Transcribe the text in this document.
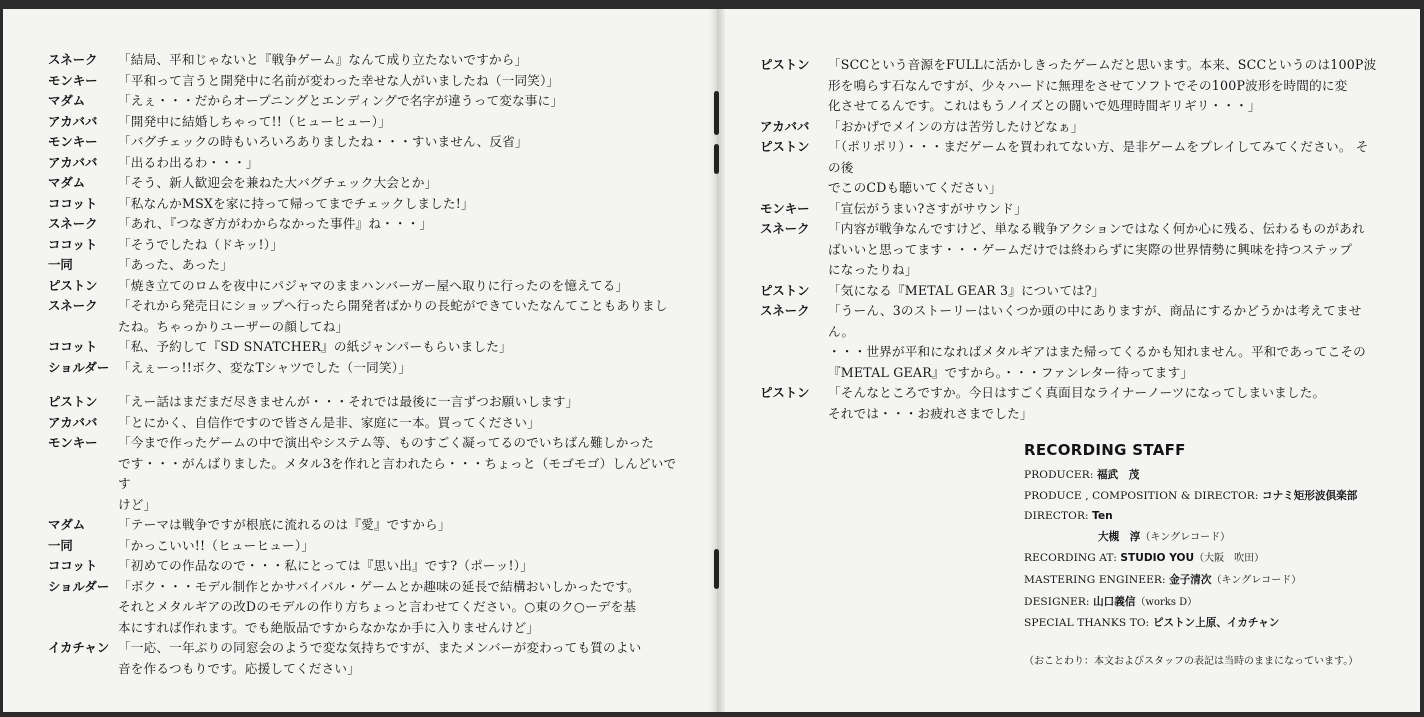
スネーク	「結局、平和じゃないと『戦争ゲーム』なんて成り立たないですから」
モンキー	「平和って言うと開発中に名前が変わった幸せな人がいましたね（一同笑）」
マダム	「えぇ・・・だからオープニングとエンディングで名字が違うって変な事に」
アカババ	「開発中に結婚しちゃって!!（ヒューヒュー）」
モンキー	「バグチェックの時もいろいろありましたね・・・すいません、反省」
アカババ	「出るわ出るわ・・・」
マダム	「そう、新人歓迎会を兼ねた大バグチェック大会とか」
ココット	「私なんかMSXを家に持って帰ってまでチェックしました!」
スネーク	「あれ、『つなぎ方がわからなかった事件』ね・・・」
ココット	「そうでしたね（ドキッ!）」
一同	「あった、あった」
ピストン	「焼き立てのロムを夜中にパジャマのままハンバーガー屋へ取りに行ったのを憶えてる」
スネーク	「それから発売日にショップへ行ったら開発者ばかりの長蛇ができていたなんてこともありまし
たね。ちゃっかりユーザーの顔してね」
ココット	「私、予約して『SD SNATCHER』の紙ジャンパーもらいました」
ショルダー 「えぇーっ!!ボク、変なTシャツでした（一同笑）」
ピストン	「えー話はまだまだ尽きませんが・・・それでは最後に一言ずつお願いします」
アカババ	「とにかく、自信作ですので皆さん是非、家庭に一本。買ってください」
モンキー	「今まで作ったゲームの中で演出やシステム等、ものすごく凝ってるのでいちばん難しかった
です・・・がんばりました。メタル3を作れと言われたら・・・ちょっと（モゴモゴ）しんどいです
けど」
マダム	「テーマは戦争ですが根底に流れるのは『愛』ですから」
一同	「かっこいい!!（ヒューヒュー）」
ココット	「初めての作品なので・・・私にとっては『思い出』です?（ポーッ!）」
ショルダー 「ボク・・・モデル制作とかサバイバル・ゲームとか趣味の延長で結構おいしかったです。
それとメタルギアの改Dのモデルの作り方ちょっと言わせてください。○東のク○ーデを基
本にすれば作れます。でも絶版品ですからなかなか手に入りませんけど」
イカチャン 「一応、一年ぶりの同窓会のようで変な気持ちですが、またメンバーが変わっても質のよい
音を作るつもりです。応援してください」
ピストン	「SCCという音源をFULLに活かしきったゲームだと思います。本来、SCCというのは100P波
形を鳴らす石なんですが、少々ハードに無理をさせてソフトでその100P波形を時間的に変
化させてるんです。これはもうノイズとの闘いで処理時間ギリギリ・・・」
アカババ	「おかげでメインの方は苦労したけどなぁ」
ピストン	「（ポリポリ）・・・まだゲームを買われてない方、是非ゲームをプレイしてみてください。 その後
でこのCDも聴いてください」
モンキー	「宣伝がうまい?さすがサウンド」
スネーク	「内容が戦争なんですけど、単なる戦争アクションではなく何か心に残る、伝わるものがあれ
ばいいと思ってます・・・ゲームだけでは終わらずに実際の世界情勢に興味を持つステップ
になったりね」
ピストン	「気になる『METAL GEAR 3』については?」
スネーク	「うーん、3のストーリーはいくつか頭の中にありますが、商品にするかどうかは考えてません。
・・・世界が平和になればメタルギアはまた帰ってくるかも知れません。平和であってこその
『METAL GEAR』ですから。・・・ファンレター待ってます」
ピストン	「そんなところですか。今日はすごく真面目なライナーノーツになってしまいました。
それでは・・・お疲れさまでした」
RECORDING STAFF
PRODUCER: 福武　茂
PRODUCE , COMPOSITION & DIRECTOR: コナミ矩形波倶楽部
DIRECTOR: Ten
大槻　淳（キングレコード）
RECORDING AT: STUDIO YOU（大阪　吹田）
MASTERING ENGINEER: 金子清次（キングレコード）
DESIGNER: 山口義信（works D）
SPECIAL THANKS TO: ピストン上原、イカチャン
（おことわり：本文およびスタッフの表記は当時のままになっています。）
